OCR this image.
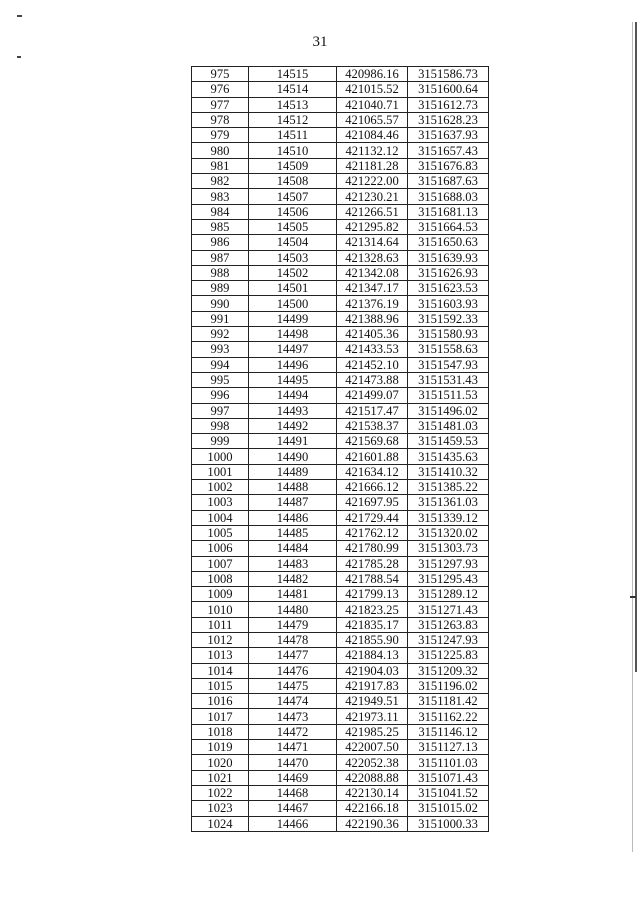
31
975	14515	420986.16	3151586.73
976	14514	421015.52	3151600.64
977	14513	421040.71	3151612.73
978	14512	421065.57	3151628.23
979	14511	421084.46	3151637.93
980	14510	421132.12	3151657.43
981	14509	421181.28	3151676.83
982	14508	421222.00	3151687.63
983	14507	421230.21	3151688.03
984	14506	421266.51	3151681.13
985	14505	421295.82	3151664.53
986	14504	421314.64	3151650.63
987	14503	421328.63	3151639.93
988	14502	421342.08	3151626.93
989	14501	421347.17	3151623.53
990	14500	421376.19	3151603.93
991	14499	421388.96	3151592.33
992	14498	421405.36	3151580.93
993	14497	421433.53	3151558.63
994	14496	421452.10	3151547.93
995	14495	421473.88	3151531.43
996	14494	421499.07	3151511.53
997	14493	421517.47	3151496.02
998	14492	421538.37	3151481.03
999	14491	421569.68	3151459.53
1000	14490	421601.88	3151435.63
1001	14489	421634.12	3151410.32
1002	14488	421666.12	3151385.22
1003	14487	421697.95	3151361.03
1004	14486	421729.44	3151339.12
1005	14485	421762.12	3151320.02
1006	14484	421780.99	3151303.73
1007	14483	421785.28	3151297.93
1008	14482	421788.54	3151295.43
1009	14481	421799.13	3151289.12
1010	14480	421823.25	3151271.43
1011	14479	421835.17	3151263.83
1012	14478	421855.90	3151247.93
1013	14477	421884.13	3151225.83
1014	14476	421904.03	3151209.32
1015	14475	421917.83	3151196.02
1016	14474	421949.51	3151181.42
1017	14473	421973.11	3151162.22
1018	14472	421985.25	3151146.12
1019	14471	422007.50	3151127.13
1020	14470	422052.38	3151101.03
1021	14469	422088.88	3151071.43
1022	14468	422130.14	3151041.52
1023	14467	422166.18	3151015.02
1024	14466	422190.36	3151000.33
